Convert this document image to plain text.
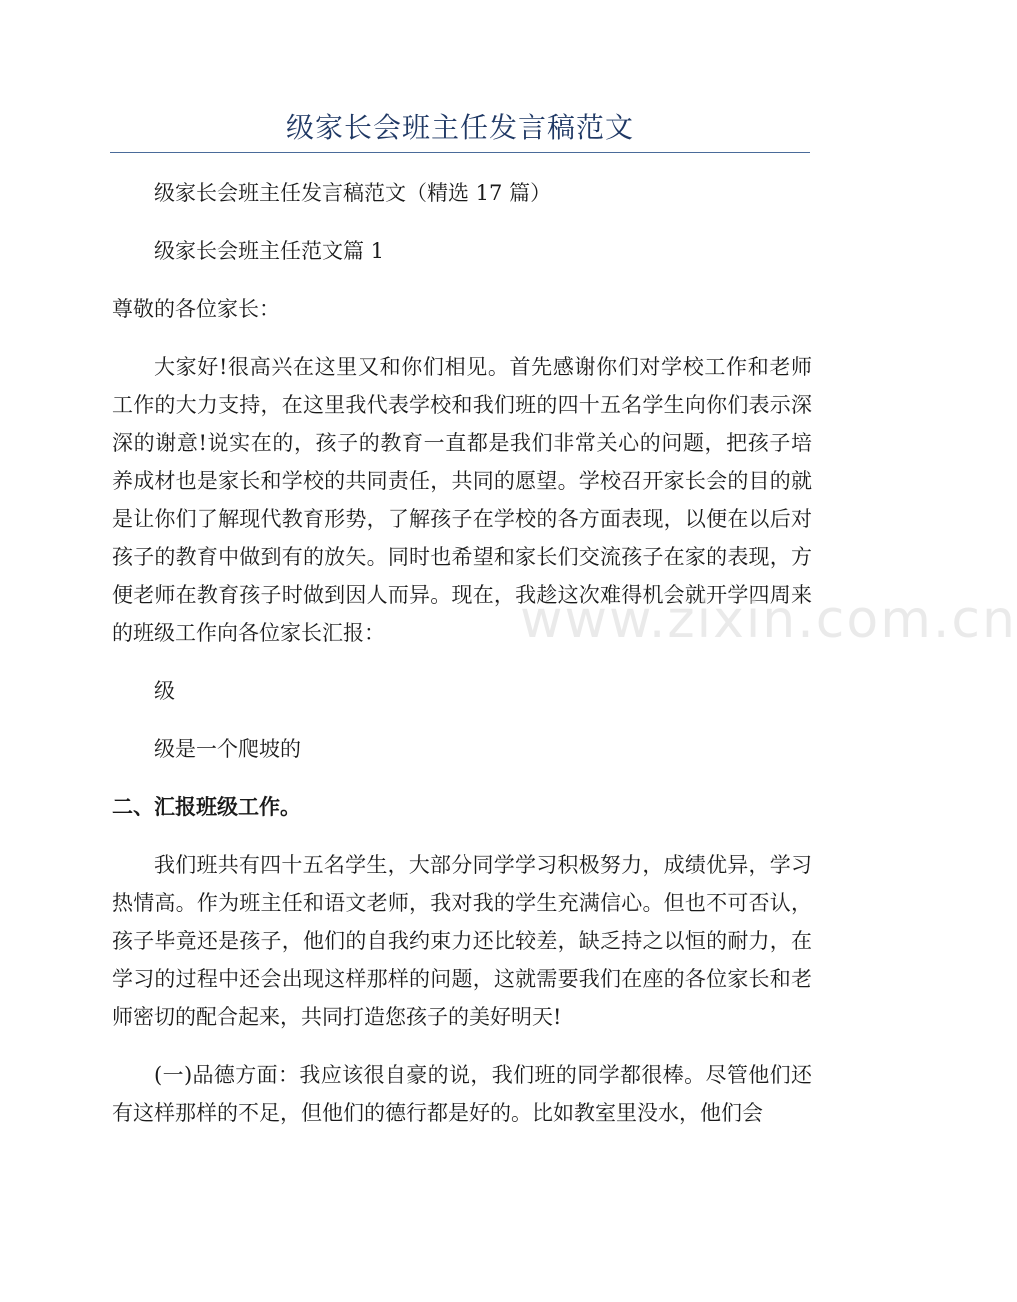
级家长会班主任发言稿范文

级家长会班主任发言稿范文（精选 17 篇）

级家长会班主任范文篇 1

尊敬的各位家长：

大家好!很高兴在这里又和你们相见。首先感谢你们对学校工作和老师工作的大力支持，在这里我代表学校和我们班的四十五名学生向你们表示深深的谢意!说实在的，孩子的教育一直都是我们非常关心的问题，把孩子培养成材也是家长和学校的共同责任，共同的愿望。学校召开家长会的目的就是让你们了解现代教育形势，了解孩子在学校的各方面表现，以便在以后对孩子的教育中做到有的放矢。同时也希望和家长们交流孩子在家的表现，方便老师在教育孩子时做到因人而异。现在，我趁这次难得机会就开学四周来的班级工作向各位家长汇报：

级

级是一个爬坡的

二、汇报班级工作。

我们班共有四十五名学生，大部分同学学习积极努力，成绩优异，学习热情高。作为班主任和语文老师，我对我的学生充满信心。但也不可否认，孩子毕竟还是孩子，他们的自我约束力还比较差，缺乏持之以恒的耐力，在学习的过程中还会出现这样那样的问题，这就需要我们在座的各位家长和老师密切的配合起来，共同打造您孩子的美好明天!

(一)品德方面：我应该很自豪的说，我们班的同学都很棒。尽管他们还有这样那样的不足，但他们的德行都是好的。比如教室里没水，他们会

www.zixin.com.cn
